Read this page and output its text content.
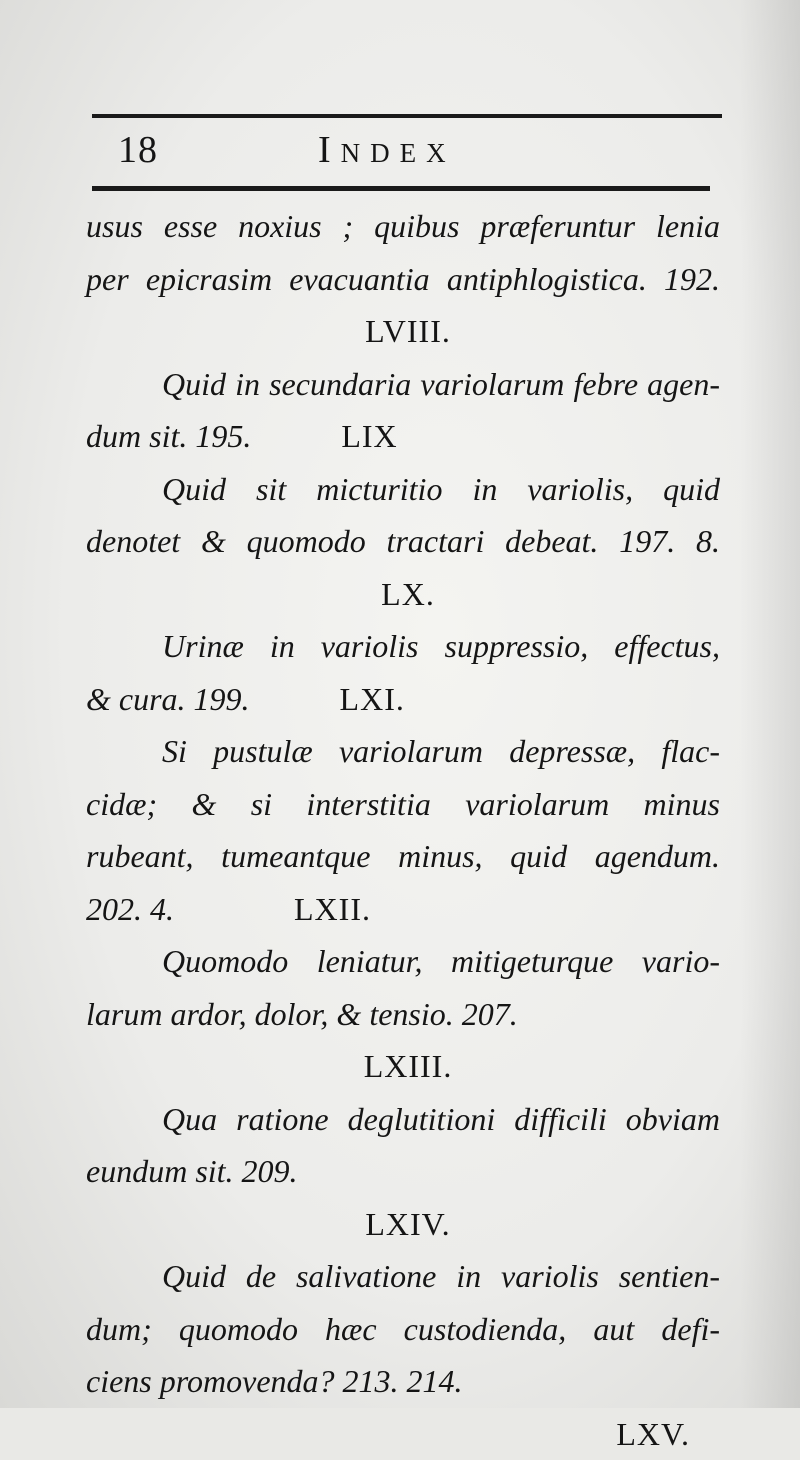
18	Index
usus esse noxius ; quibus præferuntur lenia
per epicrasim evacuantia antiphlogistica. 192.
LVIII.
Quid in secundaria variolarum febre agen-
dum sit. 195.	LIX
Quid sit micturitio in variolis, quid
denotet & quomodo tractari debeat. 197. 8.
LX.
Urinæ in variolis suppressio, effectus,
& cura. 199.	LXI.
Si pustulæ variolarum depressæ, flac-
cidæ; & si interstitia variolarum minus
rubeant, tumeantque minus, quid agendum.
202. 4.	LXII.
Quomodo leniatur, mitigeturque vario-
larum ardor, dolor, & tensio. 207.
LXIII.
Qua ratione deglutitioni difficili obviam
eundum sit. 209.
LXIV.
Quid de salivatione in variolis sentien-
dum; quomodo hæc custodienda, aut defi-
ciens promovenda? 213. 214.
LXV.
